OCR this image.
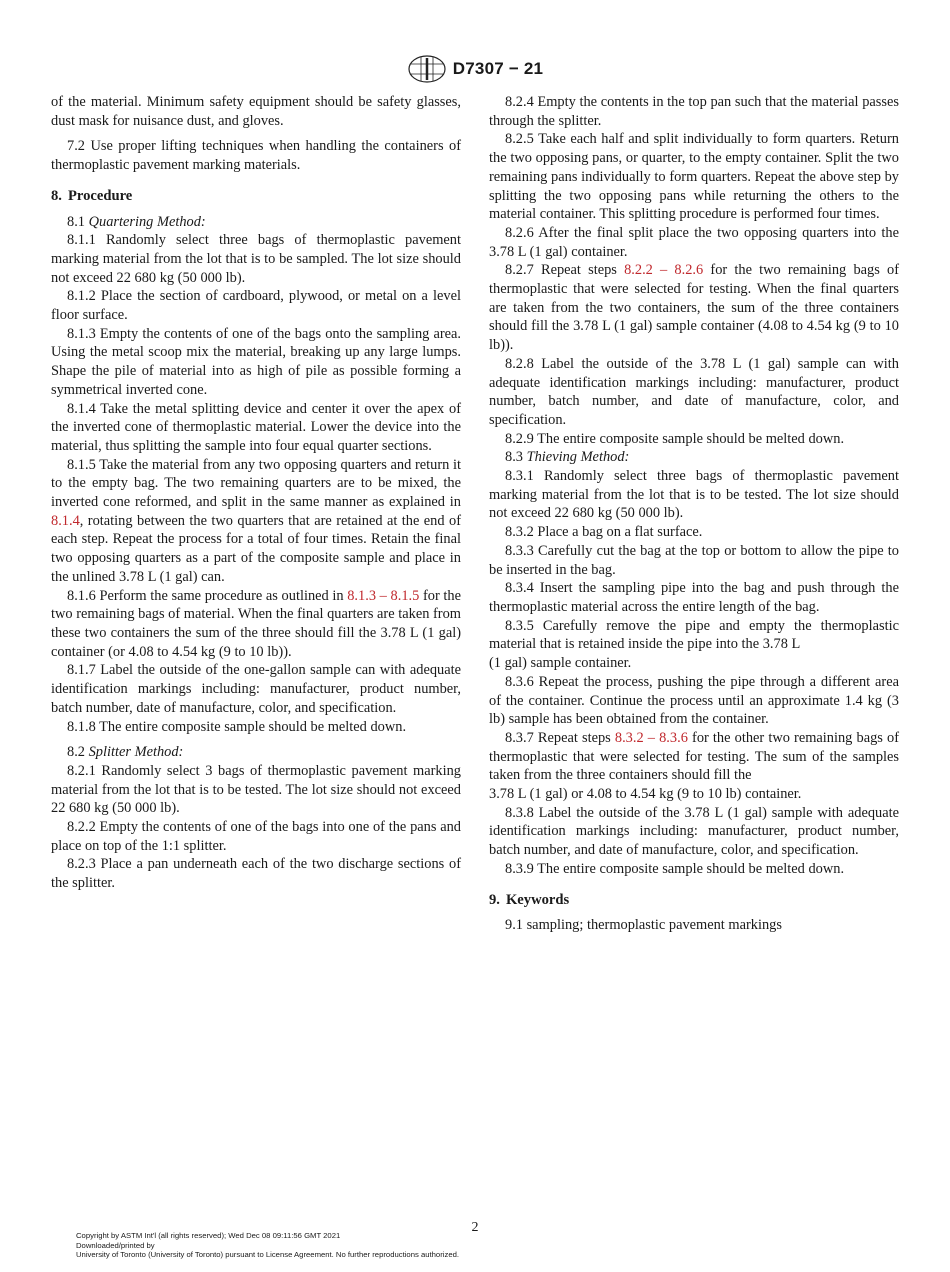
D7307 − 21

of the material. Minimum safety equipment should be safety glasses, dust mask for nuisance dust, and gloves.

7.2 Use proper lifting techniques when handling the containers of thermoplastic pavement marking materials.

8. Procedure

8.1 Quartering Method:

8.1.1 Randomly select three bags of thermoplastic pavement marking material from the lot that is to be sampled. The lot size should not exceed 22 680 kg (50 000 lb).

8.1.2 Place the section of cardboard, plywood, or metal on a level floor surface.

8.1.3 Empty the contents of one of the bags onto the sampling area. Using the metal scoop mix the material, breaking up any large lumps. Shape the pile of material into as high of pile as possible forming a symmetrical inverted cone.

8.1.4 Take the metal splitting device and center it over the apex of the inverted cone of thermoplastic material. Lower the device into the material, thus splitting the sample into four equal quarter sections.

8.1.5 Take the material from any two opposing quarters and return it to the empty bag. The two remaining quarters are to be mixed, the inverted cone reformed, and split in the same manner as explained in 8.1.4, rotating between the two quarters that are retained at the end of each step. Repeat the process for a total of four times. Retain the final two opposing quarters as a part of the composite sample and place in the unlined 3.78 L (1 gal) can.

8.1.6 Perform the same procedure as outlined in 8.1.3 – 8.1.5 for the two remaining bags of material. When the final quarters are taken from these two containers the sum of the three should fill the 3.78 L (1 gal) container (or 4.08 to 4.54 kg (9 to 10 lb)).

8.1.7 Label the outside of the one-gallon sample can with adequate identification markings including: manufacturer, product number, batch number, date of manufacture, color, and specification.

8.1.8 The entire composite sample should be melted down.

8.2 Splitter Method:

8.2.1 Randomly select 3 bags of thermoplastic pavement marking material from the lot that is to be tested. The lot size should not exceed 22 680 kg (50 000 lb).

8.2.2 Empty the contents of one of the bags into one of the pans and place on top of the 1:1 splitter.

8.2.3 Place a pan underneath each of the two discharge sections of the splitter.

8.2.4 Empty the contents in the top pan such that the material passes through the splitter.

8.2.5 Take each half and split individually to form quarters. Return the two opposing pans, or quarter, to the empty container. Split the two remaining pans individually to form quarters. Repeat the above step by splitting the two opposing pans while returning the others to the material container. This splitting procedure is performed four times.

8.2.6 After the final split place the two opposing quarters into the 3.78 L (1 gal) container.

8.2.7 Repeat steps 8.2.2 – 8.2.6 for the two remaining bags of thermoplastic that were selected for testing. When the final quarters are taken from the two containers, the sum of the three containers should fill the 3.78 L (1 gal) sample container (4.08 to 4.54 kg (9 to 10 lb)).

8.2.8 Label the outside of the 3.78 L (1 gal) sample can with adequate identification markings including: manufacturer, product number, batch number, and date of manufacture, color, and specification.

8.2.9 The entire composite sample should be melted down.

8.3 Thieving Method:

8.3.1 Randomly select three bags of thermoplastic pavement marking material from the lot that is to be tested. The lot size should not exceed 22 680 kg (50 000 lb).

8.3.2 Place a bag on a flat surface.

8.3.3 Carefully cut the bag at the top or bottom to allow the pipe to be inserted in the bag.

8.3.4 Insert the sampling pipe into the bag and push through the thermoplastic material across the entire length of the bag.

8.3.5 Carefully remove the pipe and empty the thermoplastic material that is retained inside the pipe into the 3.78 L
(1 gal) sample container.

8.3.6 Repeat the process, pushing the pipe through a different area of the container. Continue the process until an approximate 1.4 kg (3 lb) sample has been obtained from the container.

8.3.7 Repeat steps 8.3.2 – 8.3.6 for the other two remaining bags of thermoplastic that were selected for testing. The sum of the samples taken from the three containers should fill the
3.78 L (1 gal) or 4.08 to 4.54 kg (9 to 10 lb) container.

8.3.8 Label the outside of the 3.78 L (1 gal) sample with adequate identification markings including: manufacturer, product number, batch number, and date of manufacture, color, and specification.

8.3.9 The entire composite sample should be melted down.

9. Keywords

9.1 sampling; thermoplastic pavement markings

2
Copyright by ASTM Int'l (all rights reserved); Wed Dec 08 09:11:56 GMT 2021
Downloaded/printed by
University of Toronto (University of Toronto) pursuant to License Agreement. No further reproductions authorized.
